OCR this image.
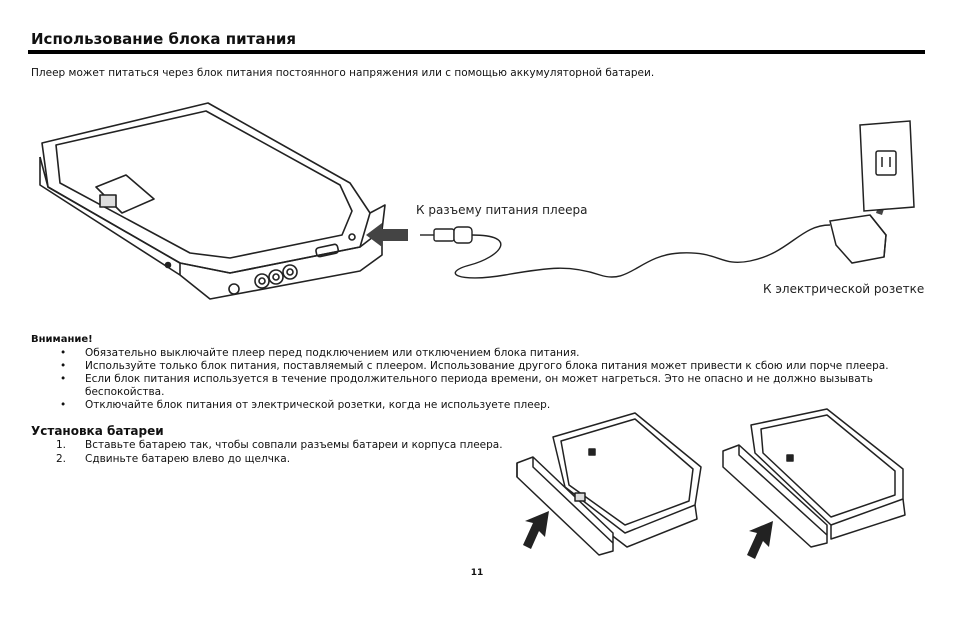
Использование блока питания

Плеер может питаться через блок питания постоянного напряжения или с помощью аккумуляторной батареи.

К разъему питания плеера
К электрической розетке

Внимание!

• Обязательно выключайте плеер перед подключением или отключением блока питания.
• Используйте только блок питания, поставляемый с плеером. Использование другого блока питания может привести к сбою или порче плеера.
• Если блок питания используется в течение продолжительного периода времени, он может нагреться. Это не опасно и не должно вызывать беспокойства.
• Отключайте блок питания от электрической розетки, когда не используете плеер.

Установка батареи

1.	Вставьте батарею так, чтобы совпали разъемы батареи и корпуса плеера.
2.	Сдвиньте батарею влево до щелчка.

11
